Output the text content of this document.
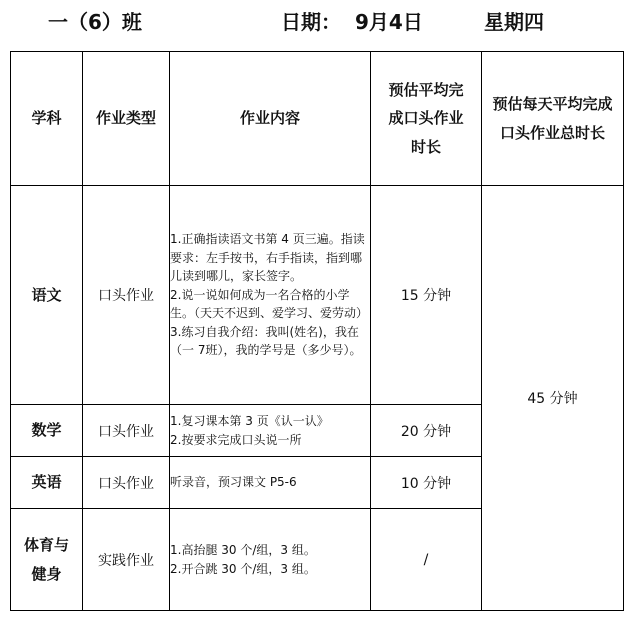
一（6）班	日期： 9月4日	星期四
学科	作业类型	作业内容	预估平均完成口头作业时长	预估每天平均完成口头作业总时长
语文	口头作业	1.正确指读语文书第 4 页三遍。指读要求：左手按书，右手指读，指到哪儿读到哪儿，家长签字。
2.说一说如何成为一名合格的小学生。（天天不迟到、爱学习、爱劳动）
3.练习自我介绍：我叫(姓名)，我在（一 7班），我的学号是（多少号）。	15 分钟	45 分钟
数学	口头作业	1.复习课本第 3 页《认一认》
2.按要求完成口头说一所	20 分钟	
英语	口头作业	听录音，预习课文 P5-6	10 分钟	
体育与健身	实践作业	1.高抬腿 30 个/组，3 组。
2.开合跳 30 个/组，3 组。	/	
